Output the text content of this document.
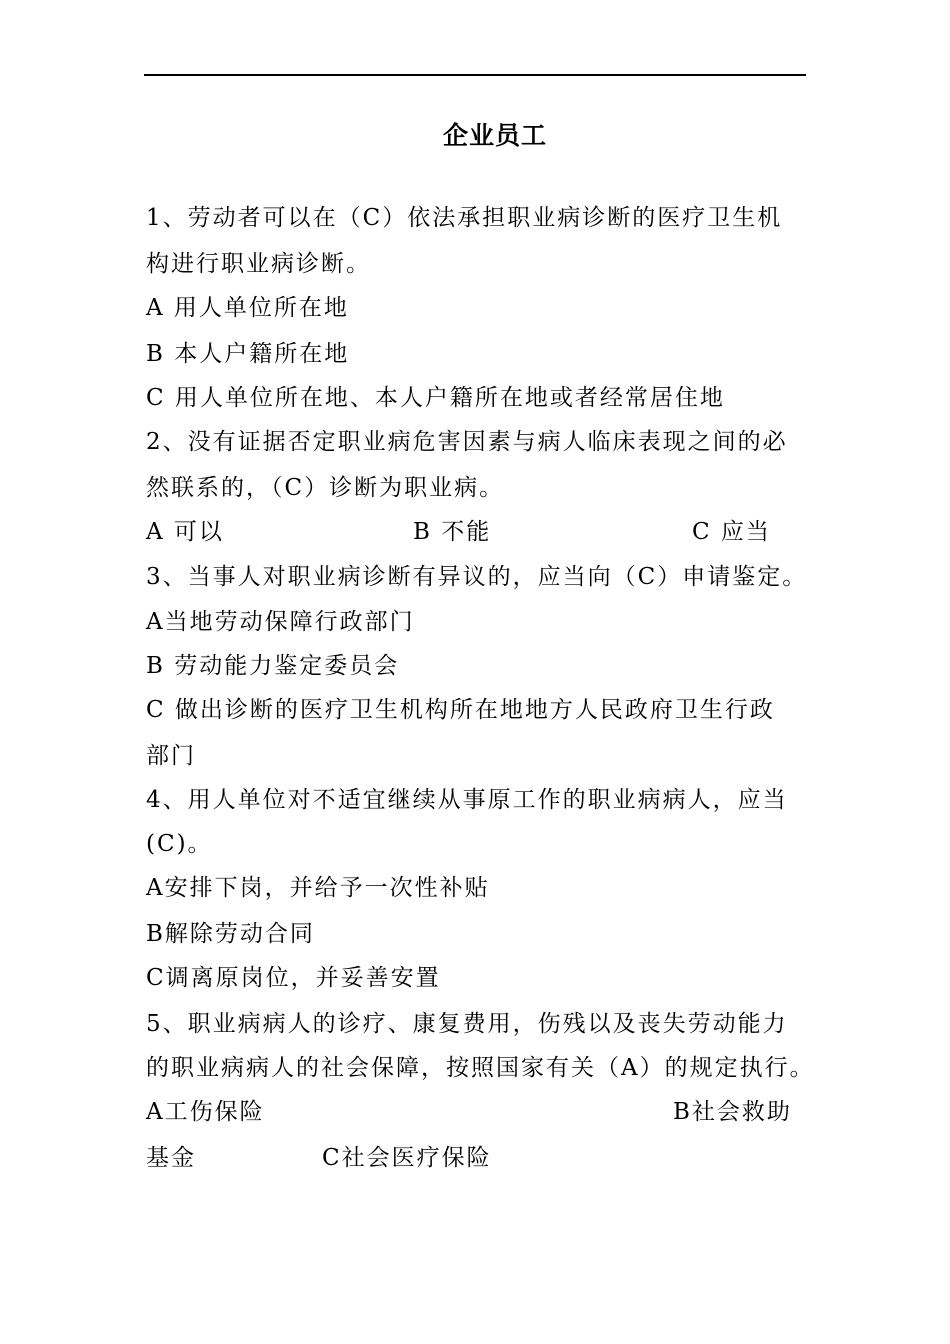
企业员工
1、劳动者可以在（C）依法承担职业病诊断的医疗卫生机
构进行职业病诊断。
A 用人单位所在地
B 本人户籍所在地
C 用人单位所在地、本人户籍所在地或者经常居住地
2、没有证据否定职业病危害因素与病人临床表现之间的必
然联系的，（C）诊断为职业病。
A 可以	B 不能	C 应当
3、当事人对职业病诊断有异议的，应当向（C）申请鉴定。
A当地劳动保障行政部门
B 劳动能力鉴定委员会
C 做出诊断的医疗卫生机构所在地地方人民政府卫生行政
部门
4、用人单位对不适宜继续从事原工作的职业病病人，应当
(C)。
A安排下岗，并给予一次性补贴
B解除劳动合同
C调离原岗位，并妥善安置
5、职业病病人的诊疗、康复费用，伤残以及丧失劳动能力
的职业病病人的社会保障，按照国家有关（A）的规定执行。
A工伤保险	B社会救助
基金	C社会医疗保险
